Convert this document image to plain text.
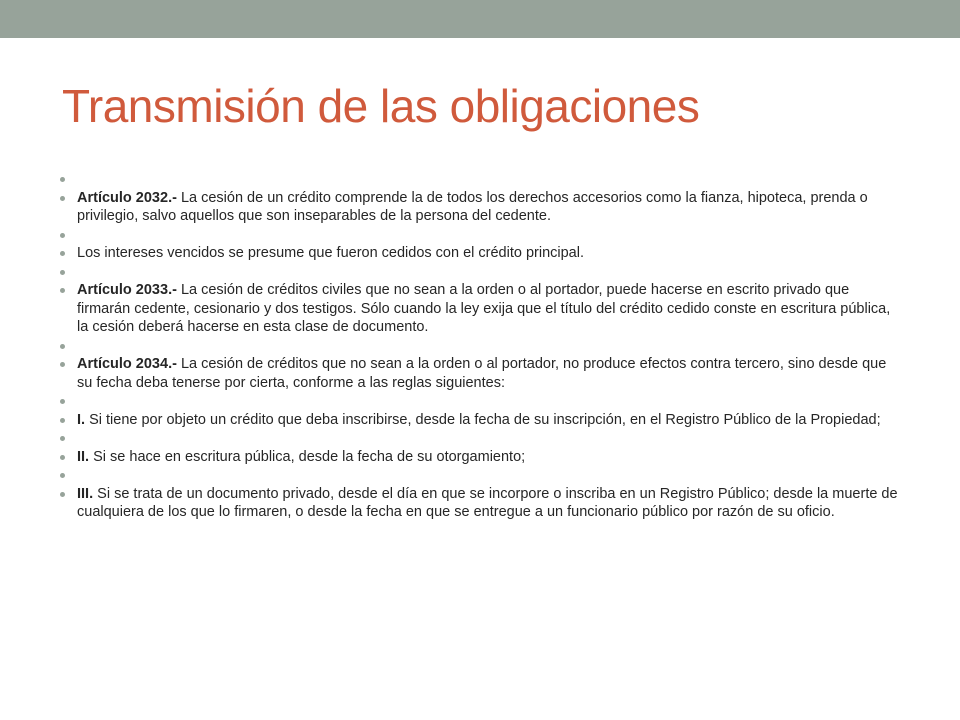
Transmisión de las obligaciones
Artículo 2032.- La cesión de un crédito comprende la de todos los derechos accesorios como la fianza, hipoteca, prenda o privilegio, salvo aquellos que son inseparables de la persona del cedente.
Los intereses vencidos se presume que fueron cedidos con el crédito principal.
Artículo 2033.- La cesión de créditos civiles que no sean a la orden o al portador, puede hacerse en escrito privado que firmarán cedente, cesionario y dos testigos. Sólo cuando la ley exija que el título del crédito cedido conste en escritura pública, la cesión deberá hacerse en esta clase de documento.
Artículo 2034.- La cesión de créditos que no sean a la orden o al portador, no produce efectos contra tercero, sino desde que su fecha deba tenerse por cierta, conforme a las reglas siguientes:
I. Si tiene por objeto un crédito que deba inscribirse, desde la fecha de su inscripción, en el Registro Público de la Propiedad;
II. Si se hace en escritura pública, desde la fecha de su otorgamiento;
III. Si se trata de un documento privado, desde el día en que se incorpore o inscriba en un Registro Público; desde la muerte de cualquiera de los que lo firmaren, o desde la fecha en que se entregue a un funcionario público por razón de su oficio.
